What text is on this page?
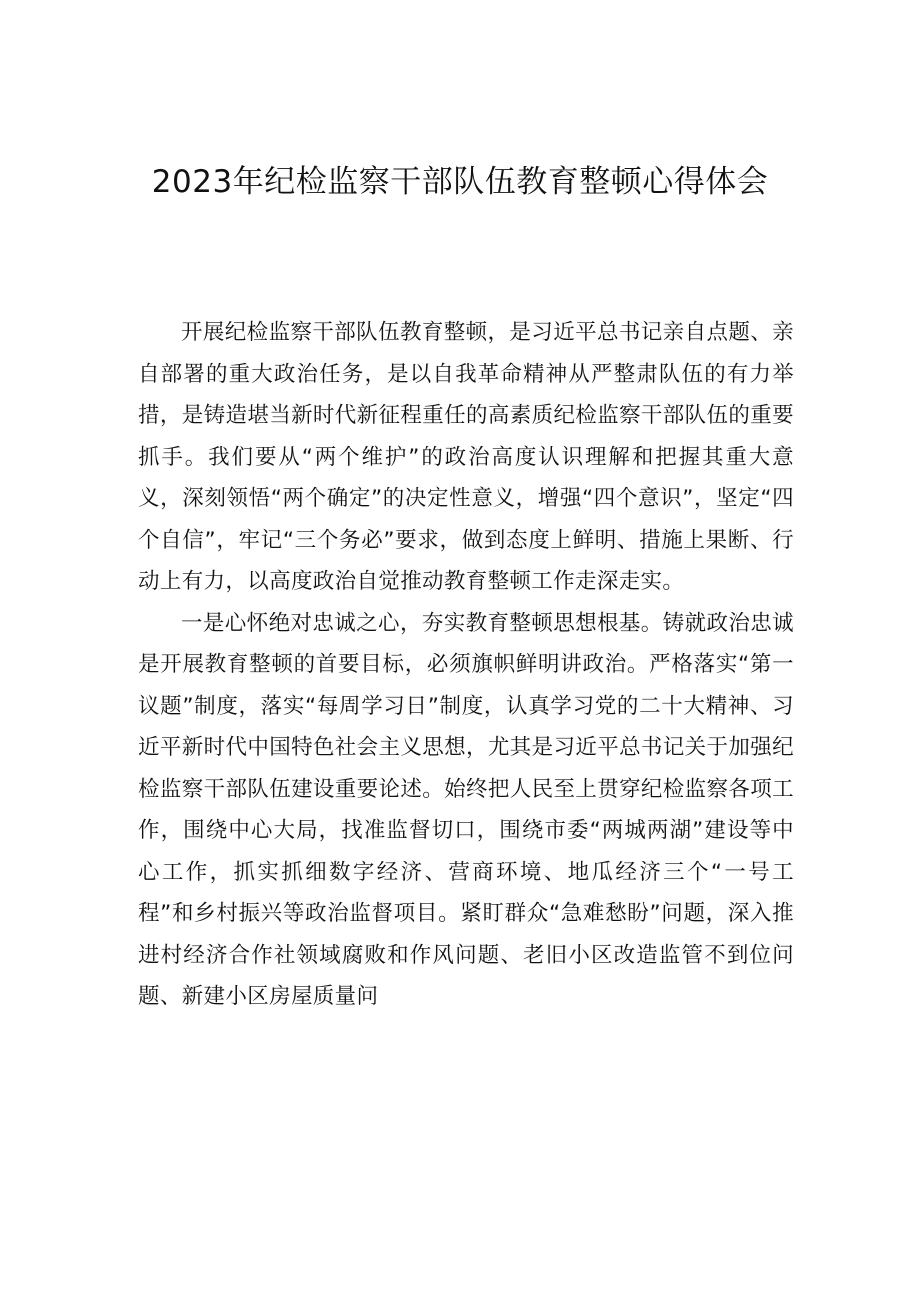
2023年纪检监察干部队伍教育整顿心得体会

开展纪检监察干部队伍教育整顿，是习近平总书记亲自点题、亲自部署的重大政治任务，是以自我革命精神从严整肃队伍的有力举措，是铸造堪当新时代新征程重任的高素质纪检监察干部队伍的重要抓手。我们要从“两个维护”的政治高度认识理解和把握其重大意义，深刻领悟“两个确定”的决定性意义，增强“四个意识”，坚定“四个自信”，牢记“三个务必”要求，做到态度上鲜明、措施上果断、行动上有力，以高度政治自觉推动教育整顿工作走深走实。

一是心怀绝对忠诚之心，夯实教育整顿思想根基。铸就政治忠诚是开展教育整顿的首要目标，必须旗帜鲜明讲政治。严格落实“第一议题”制度，落实“每周学习日”制度，认真学习党的二十大精神、习近平新时代中国特色社会主义思想，尤其是习近平总书记关于加强纪检监察干部队伍建设重要论述。始终把人民至上贯穿纪检监察各项工作，围绕中心大局，找准监督切口，围绕市委“两城两湖”建设等中心工作，抓实抓细数字经济、营商环境、地瓜经济三个“一号工程”和乡村振兴等政治监督项目。紧盯群众“急难愁盼”问题，深入推进村经济合作社领域腐败和作风问题、老旧小区改造监管不到位问题、新建小区房屋质量问
